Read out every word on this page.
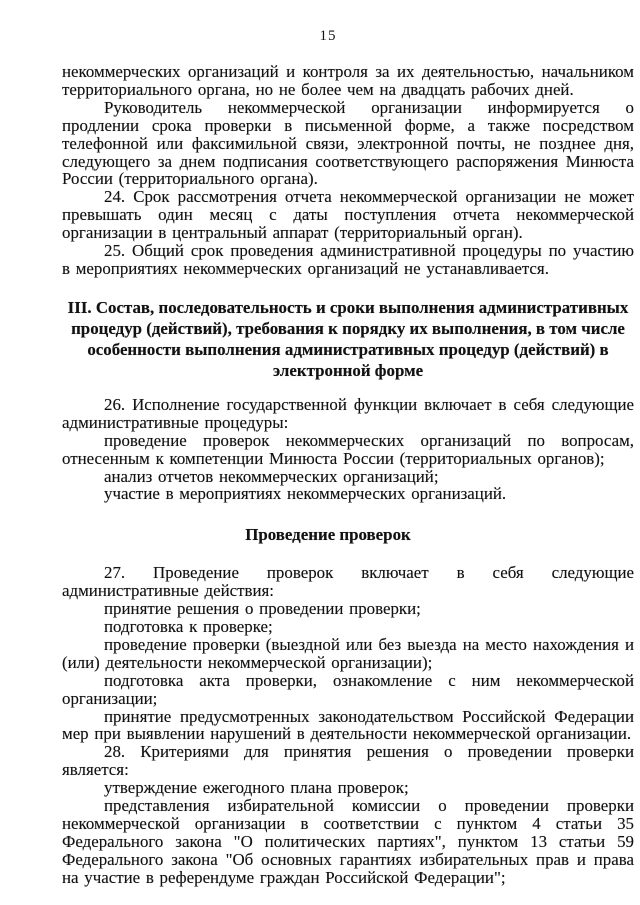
15

некоммерческих организаций и контроля за их деятельностью, начальником территориального органа, но не более чем на двадцать рабочих дней.

Руководитель некоммерческой организации информируется о продлении срока проверки в письменной форме, а также посредством телефонной или факсимильной связи, электронной почты, не позднее дня, следующего за днем подписания соответствующего распоряжения Минюста России (территориального органа).

24. Срок рассмотрения отчета некоммерческой организации не может превышать один месяц с даты поступления отчета некоммерческой организации в центральный аппарат (территориальный орган).

25. Общий срок проведения административной процедуры по участию в мероприятиях некоммерческих организаций не устанавливается.

III. Состав, последовательность и сроки выполнения административных процедур (действий), требования к порядку их выполнения, в том числе особенности выполнения административных процедур (действий) в электронной форме

26. Исполнение государственной функции включает в себя следующие административные процедуры:

проведение проверок некоммерческих организаций по вопросам, отнесенным к компетенции Минюста России (территориальных органов);

анализ отчетов некоммерческих организаций;

участие в мероприятиях некоммерческих организаций.

Проведение проверок

27. Проведение проверок включает в себя следующие административные действия:

принятие решения о проведении проверки;

подготовка к проверке;

проведение проверки (выездной или без выезда на место нахождения и (или) деятельности некоммерческой организации);

подготовка акта проверки, ознакомление с ним некоммерческой организации;

принятие предусмотренных законодательством Российской Федерации мер при выявлении нарушений в деятельности некоммерческой организации.

28. Критериями для принятия решения о проведении проверки является:

утверждение ежегодного плана проверок;

представления избирательной комиссии о проведении проверки некоммерческой организации в соответствии с пунктом 4 статьи 35 Федерального закона "О политических партиях", пунктом 13 статьи 59 Федерального закона "Об основных гарантиях избирательных прав и права на участие в референдуме граждан Российской Федерации";
